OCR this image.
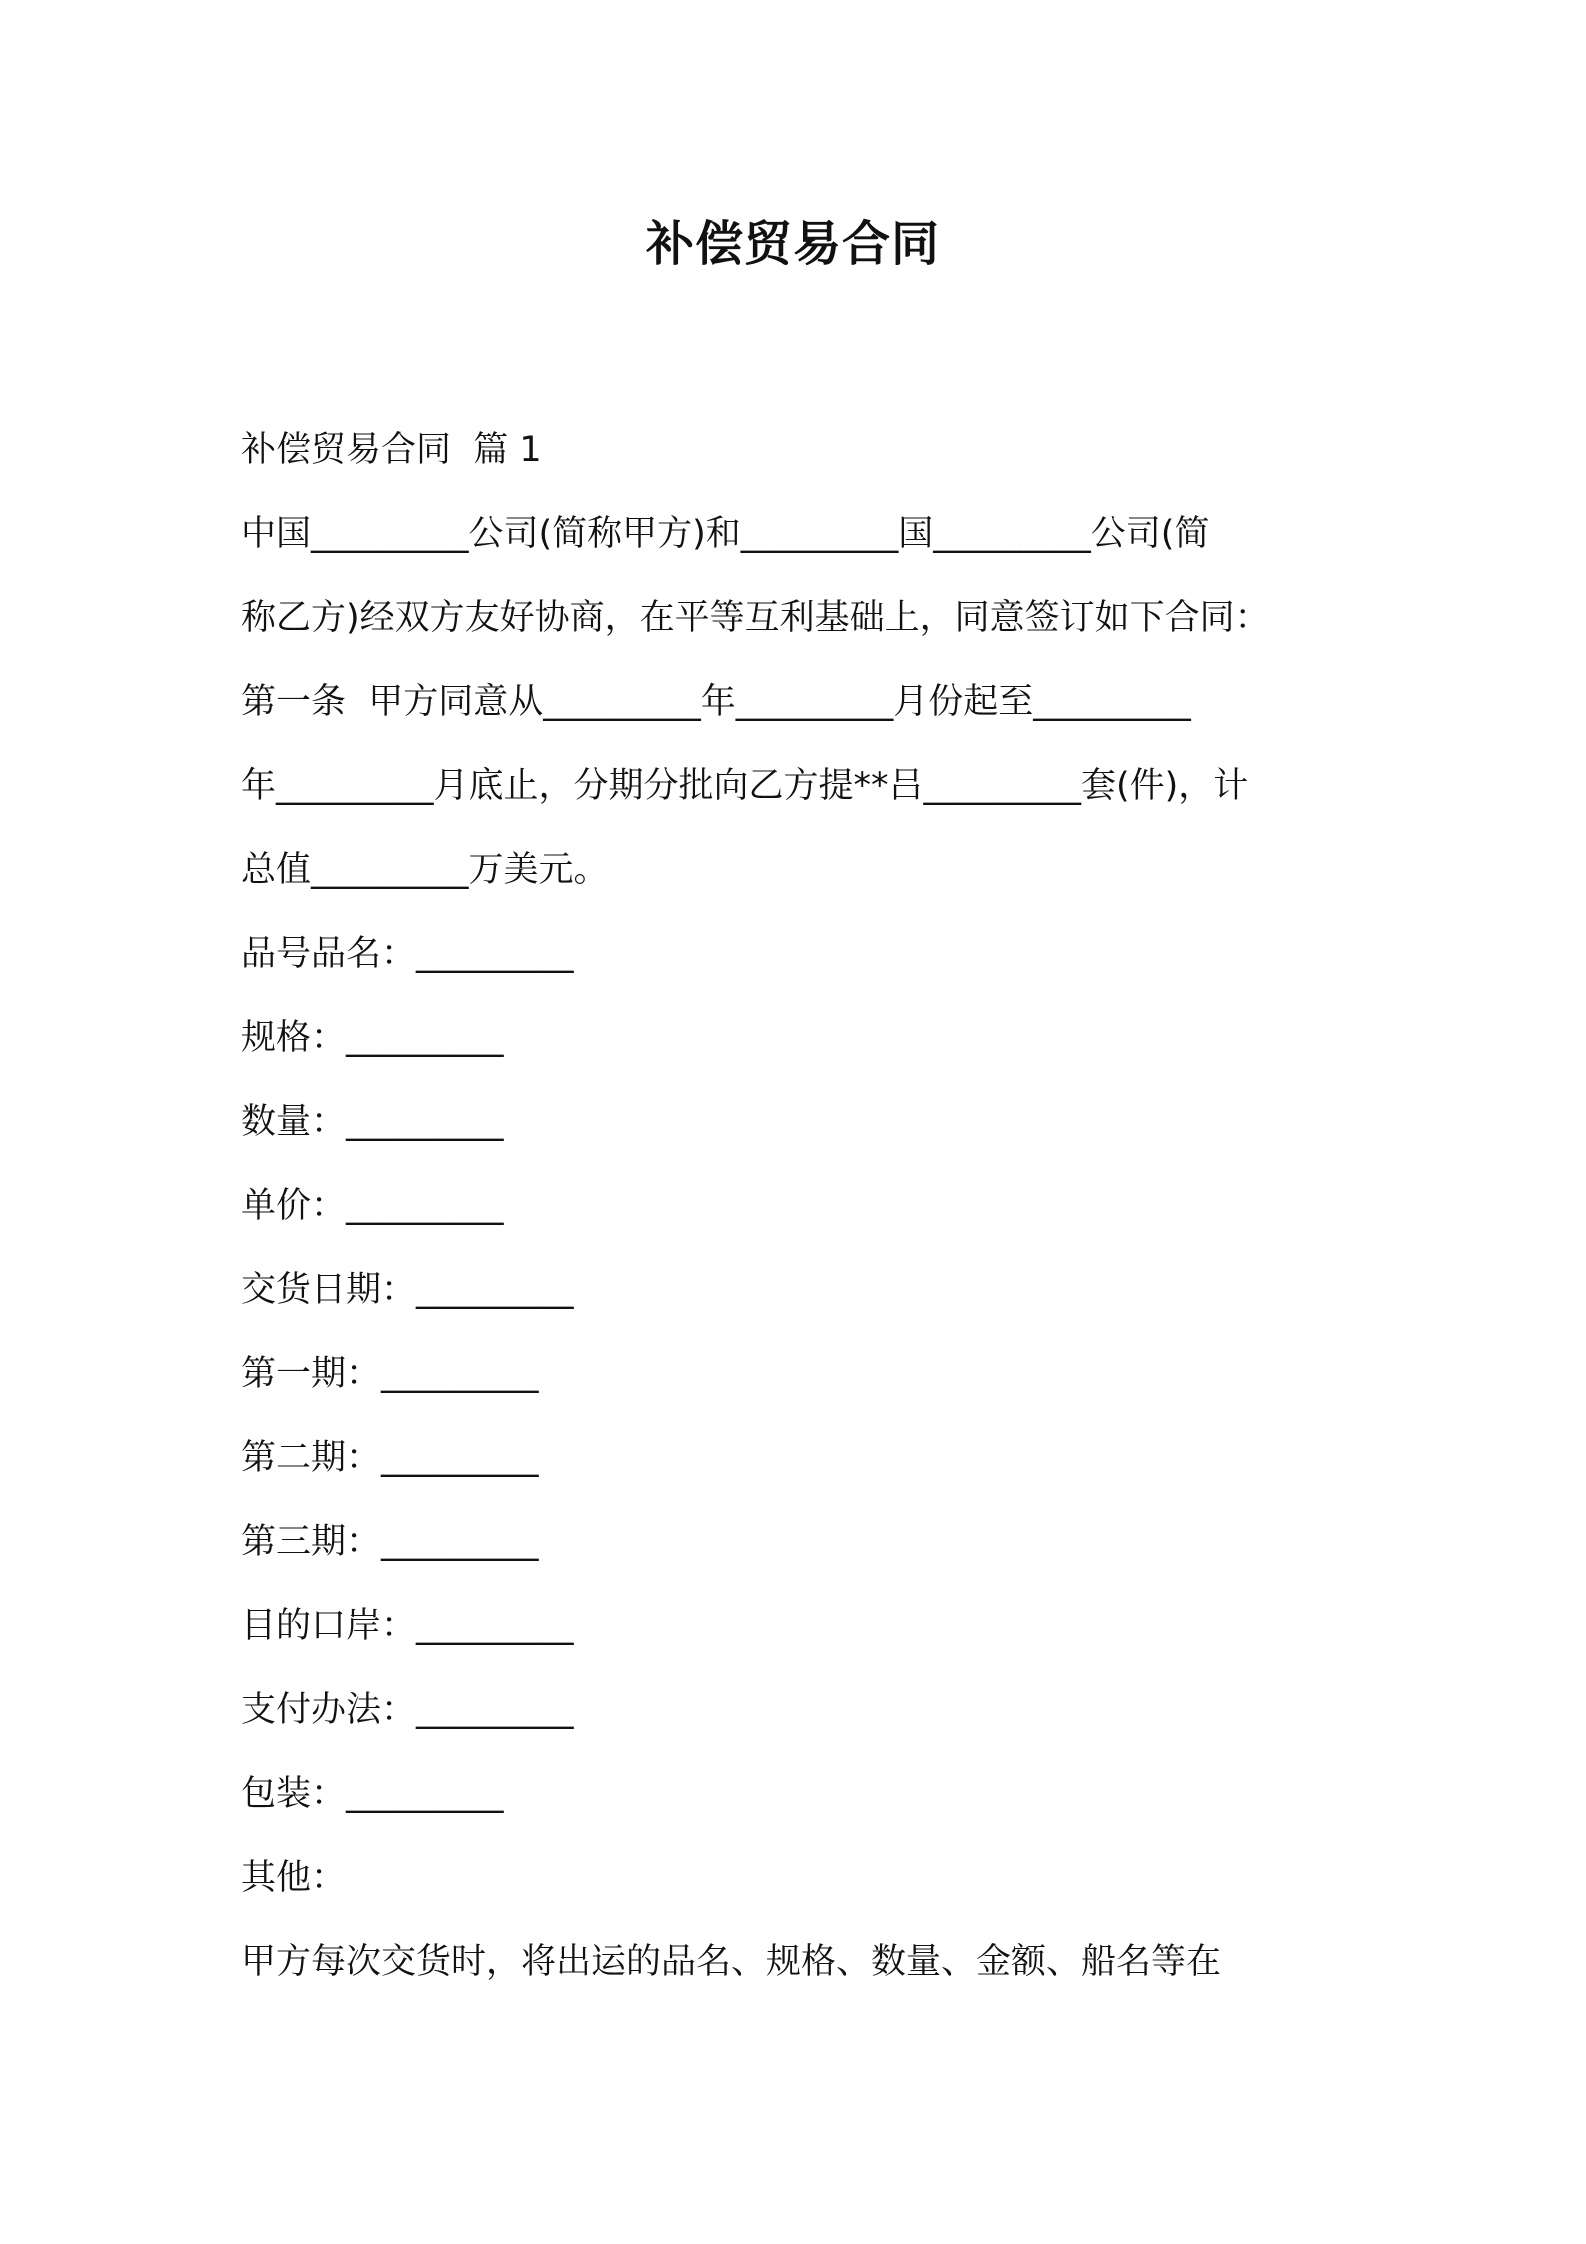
补偿贸易合同
补偿贸易合同  篇 1
中国_________公司(简称甲方)和_________国_________公司(简
称乙方)经双方友好协商，在平等互利基础上，同意签订如下合同：
第一条  甲方同意从_________年_________月份起至_________
年_________月底止，分期分批向乙方提**吕_________套(件)，计
总值_________万美元。
品号品名：_________
规格：_________
数量：_________
单价：_________
交货日期：_________
第一期：_________
第二期：_________
第三期：_________
目的口岸：_________
支付办法：_________
包装：_________
其他：
甲方每次交货时，将出运的品名、规格、数量、金额、船名等在
